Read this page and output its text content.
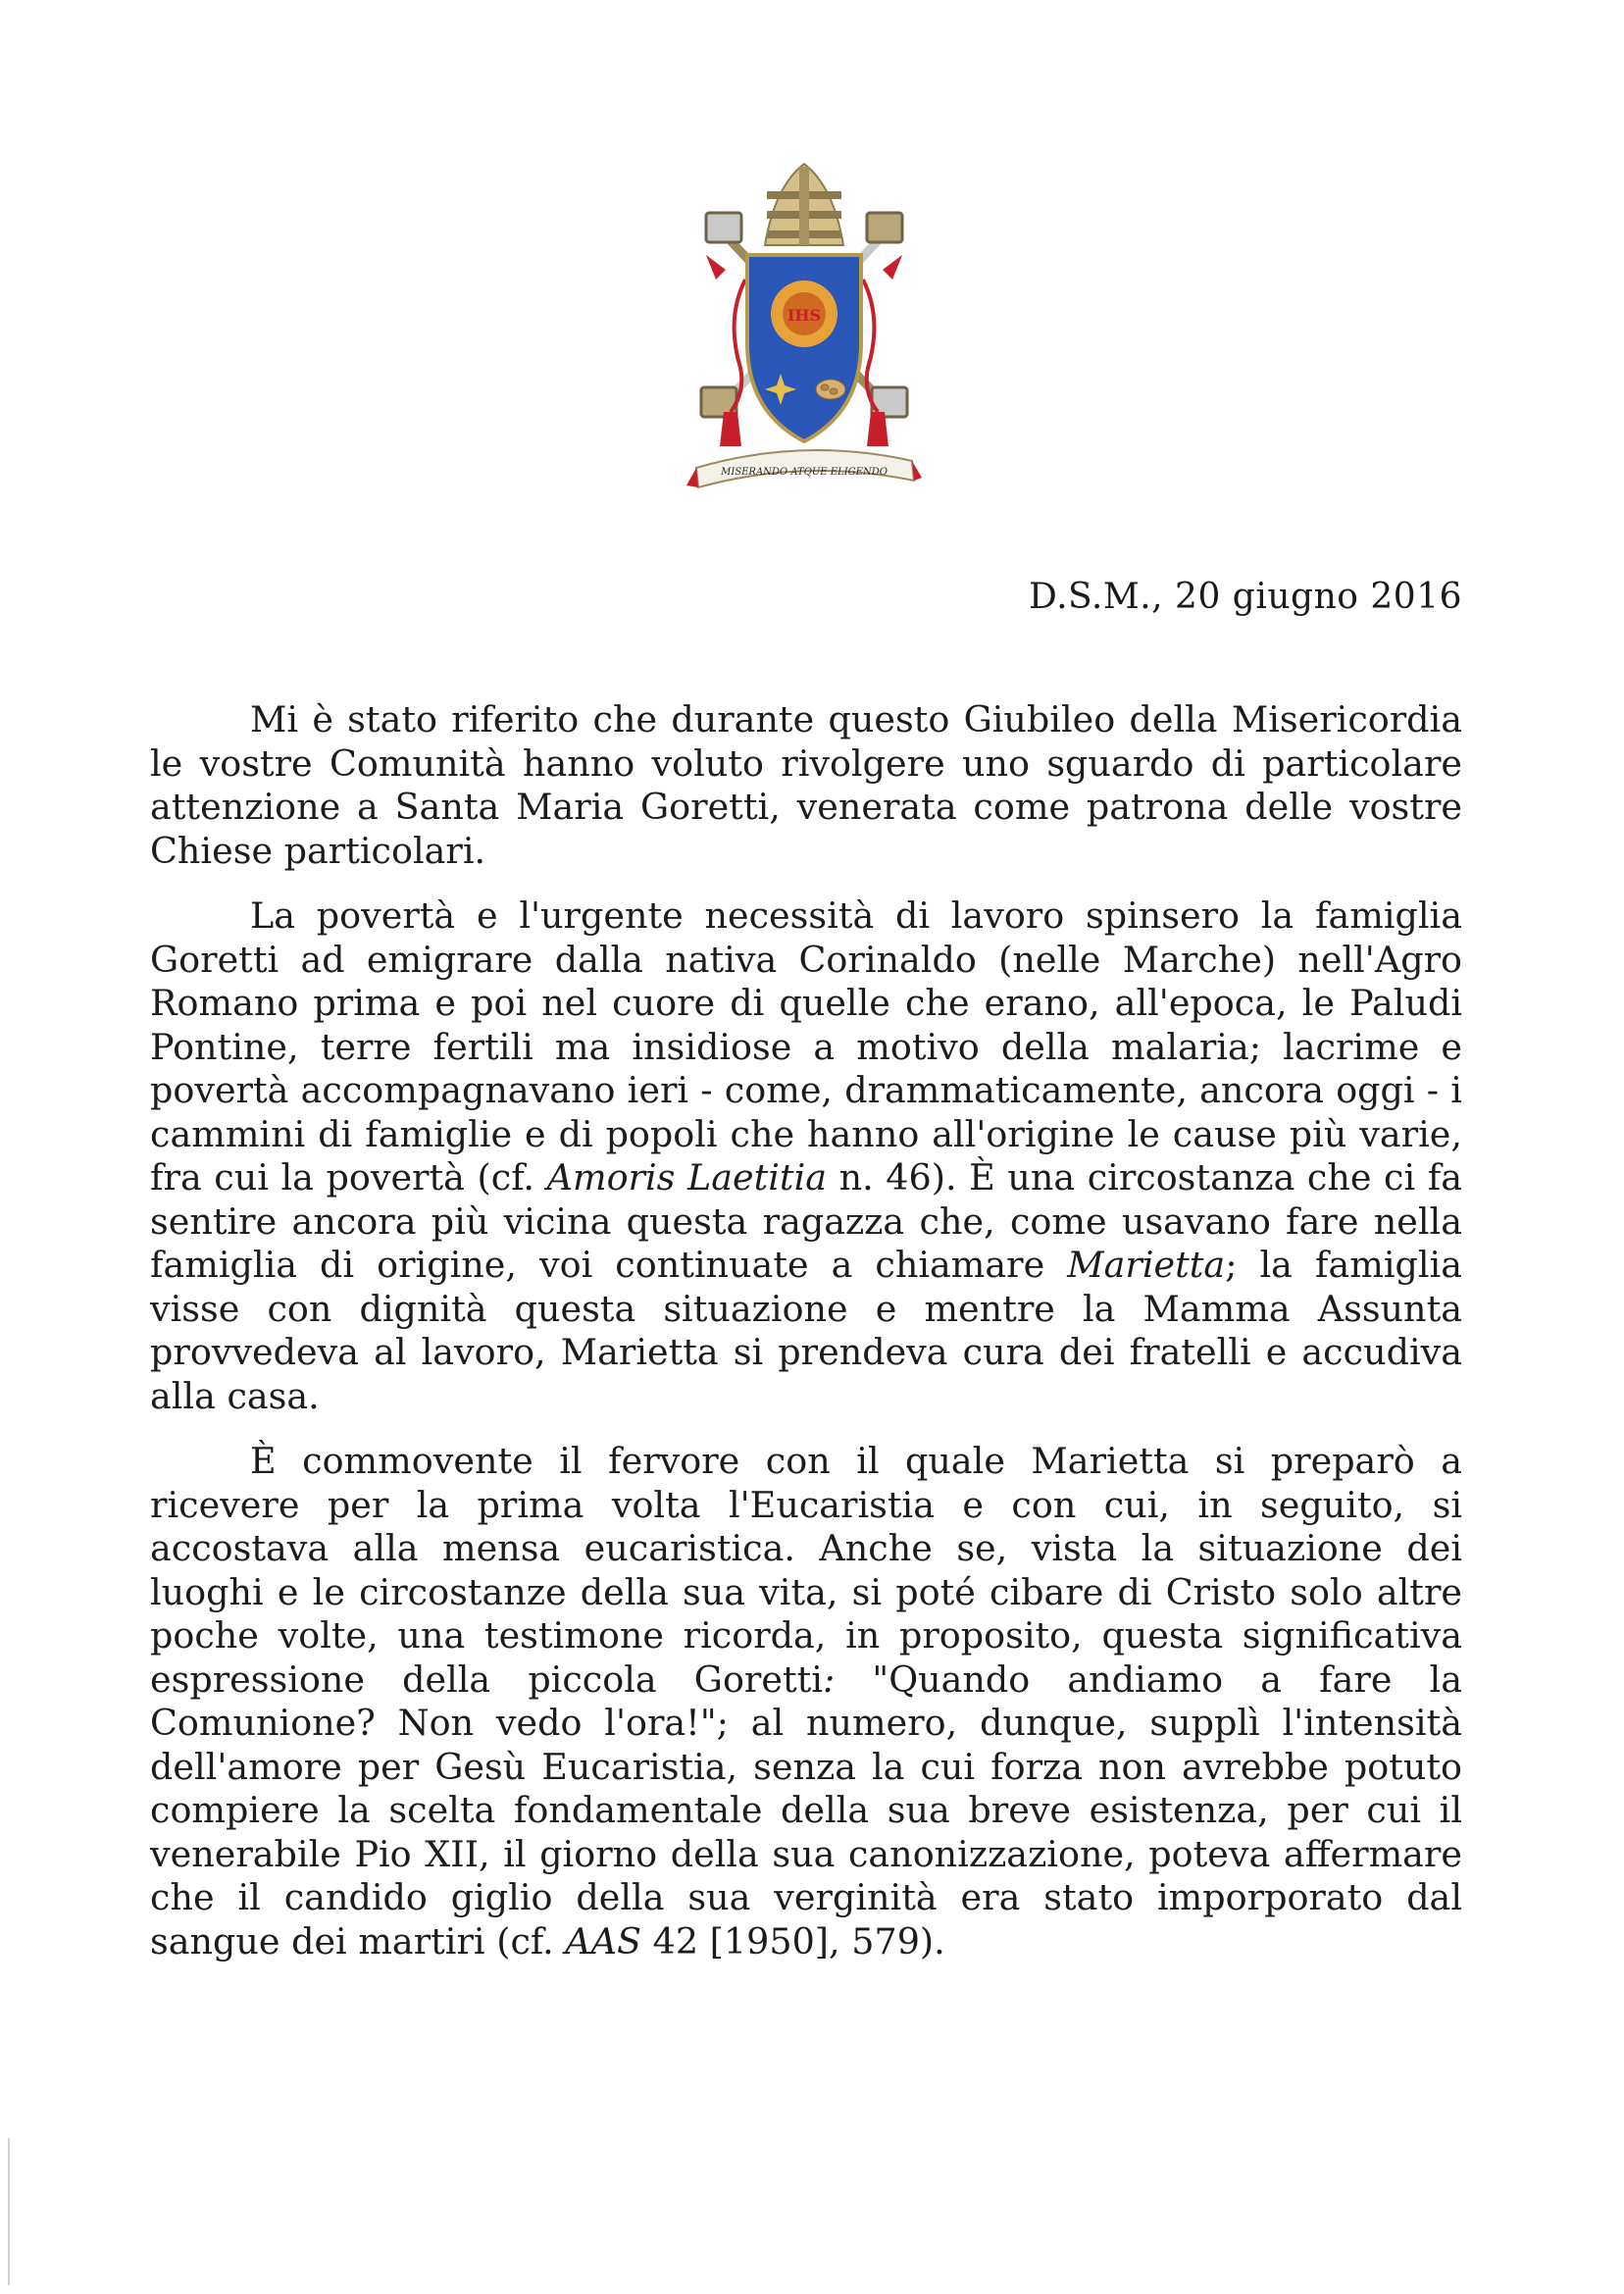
IHS
MISERANDO ATQUE ELIGENDO
D.S.M., 20 giugno 2016

Mi è stato riferito che durante questo Giubileo della Misericordia le vostre Comunità hanno voluto rivolgere uno sguardo di particolare attenzione a Santa Maria Goretti, venerata come patrona delle vostre Chiese particolari.

La povertà e l'urgente necessità di lavoro spinsero la famiglia Goretti ad emigrare dalla nativa Corinaldo (nelle Marche) nell'Agro Romano prima e poi nel cuore di quelle che erano, all'epoca, le Paludi Pontine, terre fertili ma insidiose a motivo della malaria; lacrime e povertà accompagnavano ieri - come, drammaticamente, ancora oggi - i cammini di famiglie e di popoli che hanno all'origine le cause più varie, fra cui la povertà (cf. Amoris Laetitia n. 46). È una circostanza che ci fa sentire ancora più vicina questa ragazza che, come usavano fare nella famiglia di origine, voi continuate a chiamare Marietta; la famiglia visse con dignità questa situazione e mentre la Mamma Assunta provvedeva al lavoro, Marietta si prendeva cura dei fratelli e accudiva alla casa.

È commovente il fervore con il quale Marietta si preparò a ricevere per la prima volta l'Eucaristia e con cui, in seguito, si accostava alla mensa eucaristica. Anche se, vista la situazione dei luoghi e le circostanze della sua vita, si poté cibare di Cristo solo altre poche volte, una testimone ricorda, in proposito, questa significativa espressione della piccola Goretti: "Quando andiamo a fare la Comunione? Non vedo l'ora!"; al numero, dunque, supplì l'intensità dell'amore per Gesù Eucaristia, senza la cui forza non avrebbe potuto compiere la scelta fondamentale della sua breve esistenza, per cui il venerabile Pio XII, il giorno della sua canonizzazione, poteva affermare che il candido giglio della sua verginità era stato imporporato dal sangue dei martiri (cf. AAS 42 [1950], 579).
